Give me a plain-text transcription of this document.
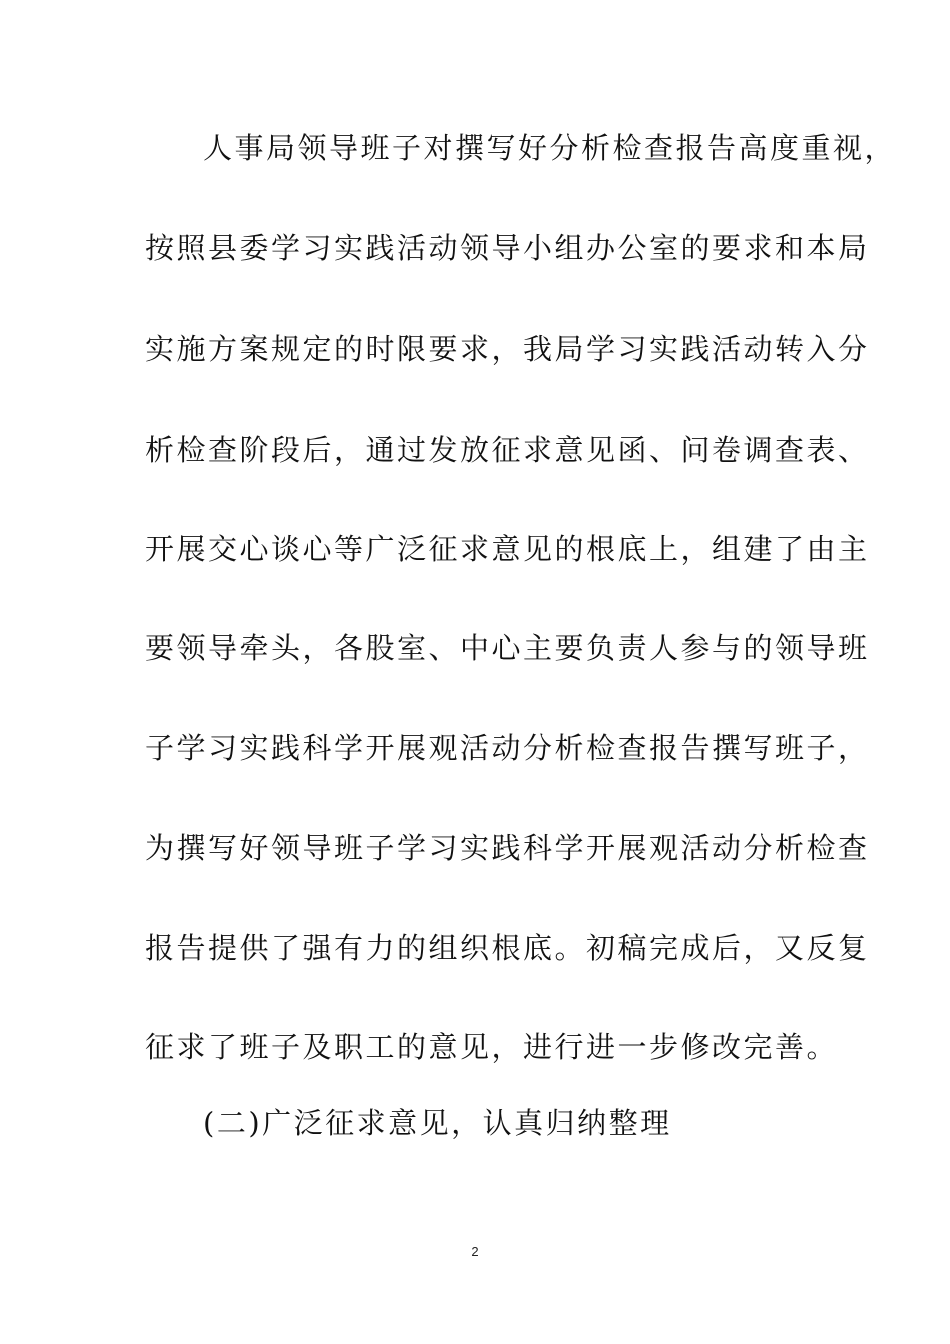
人事局领导班子对撰写好分析检查报告高度重视，
按照县委学习实践活动领导小组办公室的要求和本局
实施方案规定的时限要求，我局学习实践活动转入分
析检查阶段后，通过发放征求意见函、问卷调查表、
开展交心谈心等广泛征求意见的根底上，组建了由主
要领导牵头，各股室、中心主要负责人参与的领导班
子学习实践科学开展观活动分析检查报告撰写班子，
为撰写好领导班子学习实践科学开展观活动分析检查
报告提供了强有力的组织根底。初稿完成后，又反复
征求了班子及职工的意见，进行进一步修改完善。
(二)广泛征求意见，认真归纳整理
2
